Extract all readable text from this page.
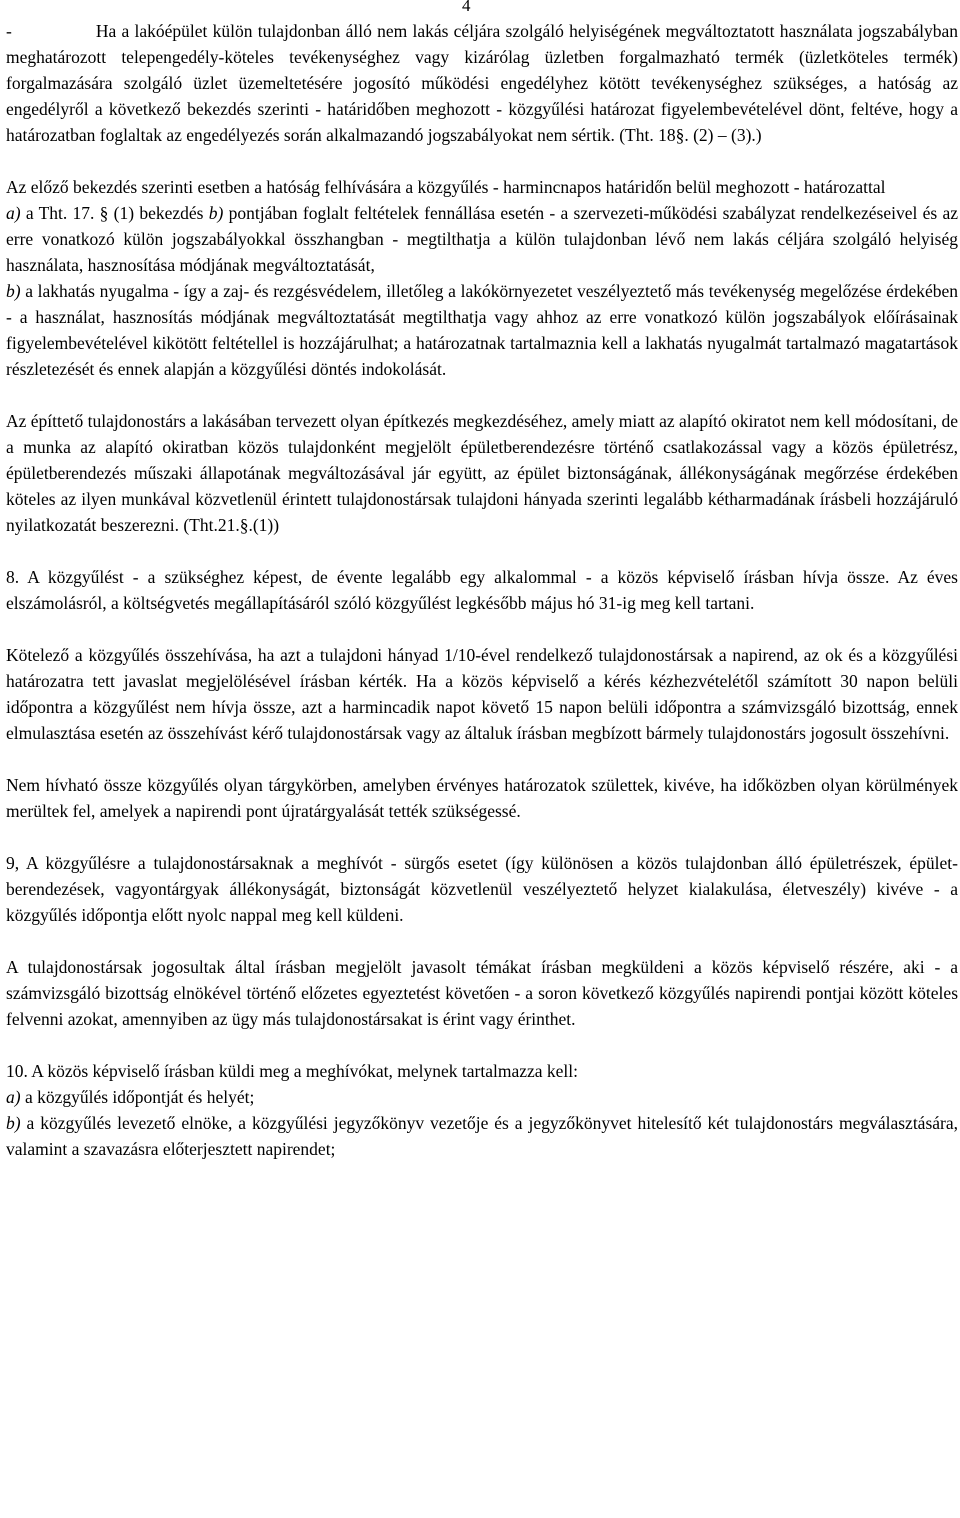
4

-	Ha a lakóépület külön tulajdonban álló nem lakás céljára szolgáló helyiségének megváltoztatott használata jogszabályban meghatározott telepengedély-köteles tevékenységhez vagy kizárólag üzletben forgalmazható termék (üzletköteles termék) forgalmazására szolgáló üzlet üzemeltetésére jogosító működési engedélyhez kötött tevékenységhez szükséges, a hatóság az engedélyről a következő bekezdés szerinti - határidőben meghozott - közgyűlési határozat figyelembevételével dönt, feltéve, hogy a határozatban foglaltak az engedélyezés során alkalmazandó jogszabályokat nem sértik. (Tht. 18§. (2) – (3).)

Az előző bekezdés szerinti esetben a hatóság felhívására a közgyűlés - harmincnapos határidőn belül meghozott - határozattal

a) a Tht. 17. § (1) bekezdés b) pontjában foglalt feltételek fennállása esetén - a szervezeti-működési szabályzat rendelkezéseivel és az erre vonatkozó külön jogszabályokkal összhangban - megtilthatja a külön tulajdonban lévő nem lakás céljára szolgáló helyiség használata, hasznosítása módjának megváltoztatását,

b) a lakhatás nyugalma - így a zaj- és rezgésvédelem, illetőleg a lakókörnyezetet veszélyeztető más tevékenység megelőzése érdekében - a használat, hasznosítás módjának megváltoztatását megtilthatja vagy ahhoz az erre vonatkozó külön jogszabályok előírásainak figyelembevételével kikötött feltétellel is hozzájárulhat; a határozatnak tartalmaznia kell a lakhatás nyugalmát tartalmazó magatartások részletezését és ennek alapján a közgyűlési döntés indokolását.

Az építtető tulajdonostárs a lakásában tervezett olyan építkezés megkezdéséhez, amely miatt az alapító okiratot nem kell módosítani, de a munka az alapító okiratban közös tulajdonként megjelölt épületberendezésre történő csatlakozással vagy a közös épületrész, épületberendezés műszaki állapotának megváltozásával jár együtt, az épület biztonságának, állékonyságának megőrzése érdekében köteles az ilyen munkával közvetlenül érintett tulajdonostársak tulajdoni hányada szerinti legalább kétharmadának írásbeli hozzájáruló nyilatkozatát beszerezni. (Tht.21.§.(1))

8. A közgyűlést - a szükséghez képest, de évente legalább egy alkalommal - a közös képviselő írásban hívja össze. Az éves elszámolásról, a költségvetés megállapításáról szóló közgyűlést legkésőbb május hó 31-ig meg kell tartani.

Kötelező a közgyűlés összehívása, ha azt a tulajdoni hányad 1/10-ével rendelkező tulajdonostársak a napirend, az ok és a közgyűlési határozatra tett javaslat megjelölésével írásban kérték. Ha a közös képviselő a kérés kézhezvételétől számított 30 napon belüli időpontra a közgyűlést nem hívja össze, azt a harmincadik napot követő 15 napon belüli időpontra a számvizsgáló bizottság, ennek elmulasztása esetén az összehívást kérő tulajdonostársak vagy az általuk írásban megbízott bármely tulajdonostárs jogosult összehívni.

Nem hívható össze közgyűlés olyan tárgykörben, amelyben érvényes határozatok születtek, kivéve, ha időközben olyan körülmények merültek fel, amelyek a napirendi pont újratárgyalását tették szükségessé.

9, A közgyűlésre a tulajdonostársaknak a meghívót - sürgős esetet (így különösen a közös tulajdonban álló épületrészek, épület-berendezések, vagyontárgyak állékonyságát, biztonságát közvetlenül veszélyeztető helyzet kialakulása, életveszély) kivéve - a közgyűlés időpontja előtt nyolc nappal meg kell küldeni.

A tulajdonostársak jogosultak által írásban megjelölt javasolt témákat írásban megküldeni a közös képviselő részére, aki - a számvizsgáló bizottság elnökével történő előzetes egyeztetést követően - a soron következő közgyűlés napirendi pontjai között köteles felvenni azokat, amennyiben az ügy más tulajdonostársakat is érint vagy érinthet.

10. A közös képviselő írásban küldi meg a meghívókat, melynek tartalmazza kell:

a) a közgyűlés időpontját és helyét;

b) a közgyűlés levezető elnöke, a közgyűlési jegyzőkönyv vezetője és a jegyzőkönyvet hitelesítő két tulajdonostárs megválasztására, valamint a szavazásra előterjesztett napirendet;
